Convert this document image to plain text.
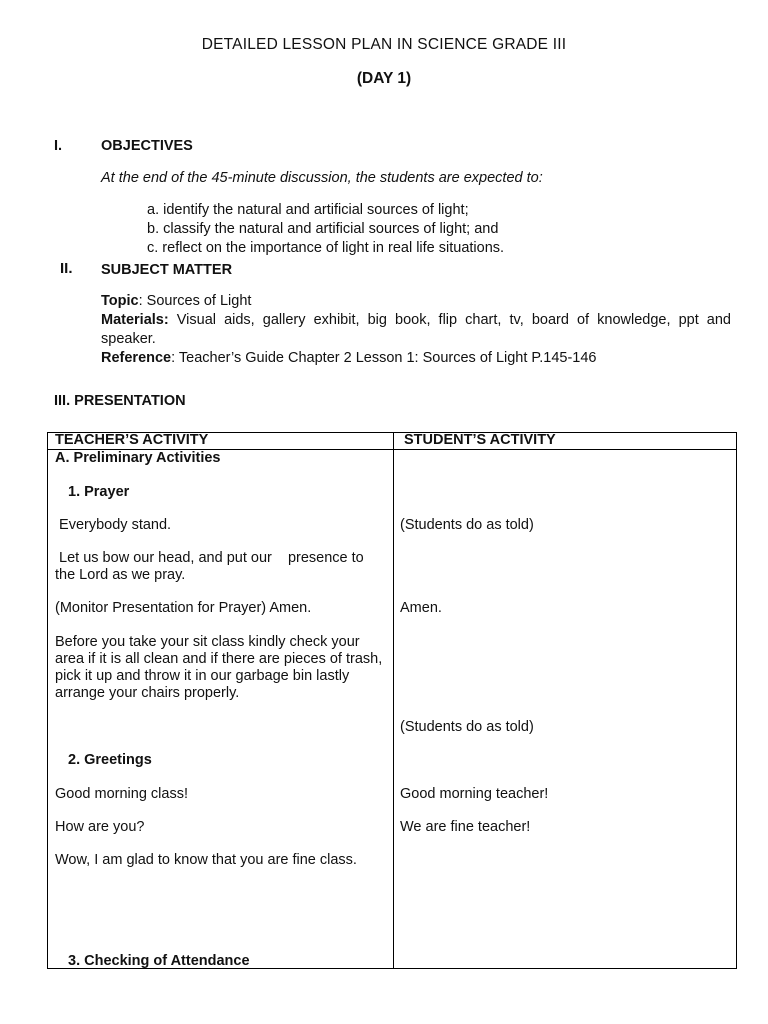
DETAILED LESSON PLAN IN SCIENCE GRADE III
(DAY 1)
I.	OBJECTIVES
At the end of the 45-minute discussion, the students are expected to:
a. identify the natural and artificial sources of light;
b. classify the natural and artificial sources of light; and
c. reflect on the importance of light in real life situations.
II. SUBJECT MATTER
Topic: Sources of Light
Materials: Visual aids, gallery exhibit, big book, flip chart, tv, board of knowledge, ppt and speaker.
Reference: Teacher’s Guide Chapter 2 Lesson 1: Sources of Light P.145-146
III. PRESENTATION
TEACHER’S ACTIVITY	STUDENT’S ACTIVITY
A. Preliminary Activities
1. Prayer
Everybody stand.
Let us bow our head, and put our    presence to the Lord as we pray.
(Monitor Presentation for Prayer) Amen.
Before you take your sit class kindly check your area if it is all clean and if there are pieces of trash, pick it up and throw it in our garbage bin lastly arrange your chairs properly.
2. Greetings
Good morning class!
How are you?
Wow, I am glad to know that you are fine class.
3. Checking of Attendance
(Students do as told)
Amen.
(Students do as told)
Good morning teacher!
We are fine teacher!
